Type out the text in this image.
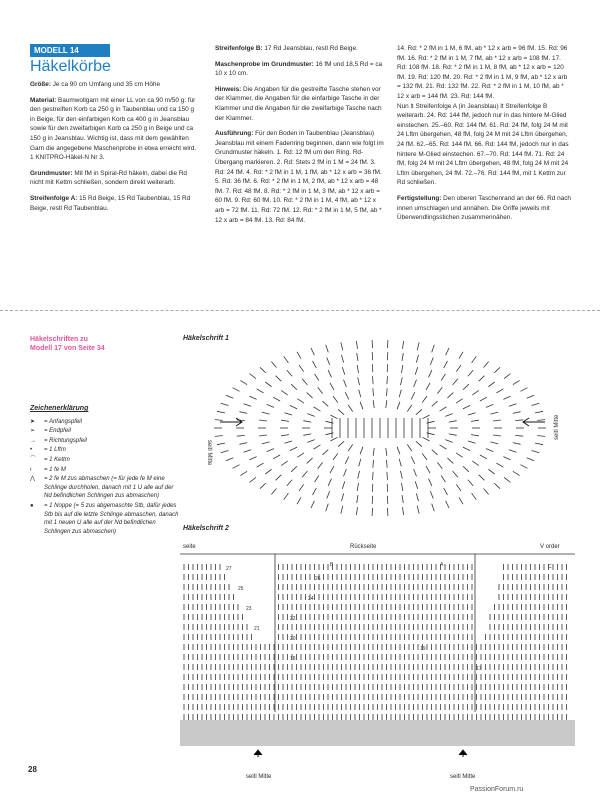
MODELL 14
Häkelkörbe

Größe: Je ca 90 cm Umfang und 35 cm Höhe

Material: Baumwollgarn mit einer LL von ca 90 m/50 g: für den gestreiften Korb ca 250 g in Taubenblau und ca 150 g in Beige, für den einfarbigen Korb ca 400 g in Jeansblau sowie für den zweifarbigen Korb ca 250 g in Beige und ca 150 g in Jeansblau. Wichtig ist, dass mit dem gewählten Garn die angegebene Maschenprobe in etwa erreicht wird.

1 KNITPRO-Häkel-N Nr 3.

Grundmuster: Mit fM in Spiral-Rd häkeln, dabei die Rd nicht mit Kettm schließen, sondern direkt weiterarb.

Streifenfolge A: 15 Rd Beige, 15 Rd Taubenblau, 15 Rd Beige, restl Rd Taubenblau.

Streifenfolge B: 17 Rd Jeansblau, restl Rd Beige.

Maschenprobe im Grundmuster: 16 fM und 18,5 Rd = ca 10 x 10 cm.

Hinweis: Die Angaben für die gestreifte Tasche stehen vor der Klammer, die Angaben für die einfarbige Tasche in der Klammer und die Angaben für die zweifarbige Tasche nach der Klammer.

Ausführung: Für den Boden in Taubenblau (Jeansblau) Jeansblau mit einem Fadenring beginnen, dann wie folgt im Grundmuster häkeln. 1. Rd: 12 fM um den Ring. Rd-Übergang markieren. 2. Rd: Stets 2 fM in 1 M = 24 fM. 3. Rd: 24 fM. 4. Rd: * 2 fM in 1 M, 1 fM, ab * 12 x arb = 36 fM. 5. Rd: 36 fM. 6. Rd: * 2 fM in 1 M, 2 fM, ab * 12 x arb = 48 fM. 7. Rd: 48 fM. 8. Rd: * 2 fM in 1 M, 3 fM, ab * 12 x arb = 60 fM. 9. Rd: 60 fM. 10. Rd: * 2 fM in 1 M, 4 fM, ab * 12 x arb = 72 fM. 11. Rd: 72 fM. 12. Rd: * 2 fM in 1 M, 5 fM, ab * 12 x arb = 84 fM. 13. Rd: 84 fM.

14. Rd: * 2 fM in 1 M, 6 fM, ab * 12 x arb = 96 fM. 15. Rd: 96 fM. 16. Rd: * 2 fM in 1 M, 7 fM, ab * 12 x arb = 108 fM. 17. Rd: 108 fM. 18. Rd: * 2 fM in 1 M, 8 fM, ab * 12 x arb = 120 fM. 19. Rd: 120 fM. 20. Rd: * 2 fM in 1 M, 9 fM, ab * 12 x arb = 132 fM. 21. Rd: 132 fM. 22. Rd: * 2 fM in 1 M, 10 fM, ab * 12 x arb = 144 fM. 23. Rd: 144 fM.

Nun lt Streifenfolge A (in Jeansblau) lt Streifenfolge B weiterarb. 24. Rd: 144 fM, jedoch nur in das hintere M-Glied einstechen. 25.–60. Rd: 144 fM. 61. Rd: 24 fM, folg 24 M mit 24 Lftm übergehen, 48 fM, folg 24 M mit 24 Lftm übergehen, 24 fM. 62.–65. Rd: 144 fM. 66. Rd: 144 fM, jedoch nur in das hintere M-Glied einstechen. 67.–70. Rd: 144 fM. 71. Rd: 24 fM, folg 24 M mit 24 Lftm übergehen, 48 fM, folg 24 M mit 24 Lftm übergehen, 24 fM. 72.–76. Rd: 144 fM, mit 1 Kettm zur Rd schließen.

Fertigstellung: Den oberen Taschenrand an der 66. Rd nach innen umschlagen und annähen. Die Griffe jeweils mit Überwendlingsstichen zusammennähen.

Häkelschriften zu
Modell 17 von Seite 34
Zeichenerklärung
➤	= Anfangspfeil
➢	= Endpfeil
→	= Richtungspfeil
•	= 1 Lftm
⌒	= 1 Kettm
ı	= 1 fe M
⋀	= 2 fe M zus abmaschen (= für jede fe M eine Schlinge durchholen, danach mit 1 U alle auf der Nd befindlichen Schlingen zus abmaschen)
●	= 1 Noppe (= 5 zus abgemaschte Stb, dafür jedes Stb bis auf die letzte Schlinge abmaschen, danach mit 1 neuen U alle auf der Nd befindlichen Schlingen zus abmaschen)
Häkelschrift 1
seitl Mitte
seitl Mitte
Häkelschrift 2
seite	Rückseite	V order
27
25
23
21
19
17
26
24
22
20
18
B	A	C
seitl Mitte	seitl Mitte
28
PassionForum.ru
